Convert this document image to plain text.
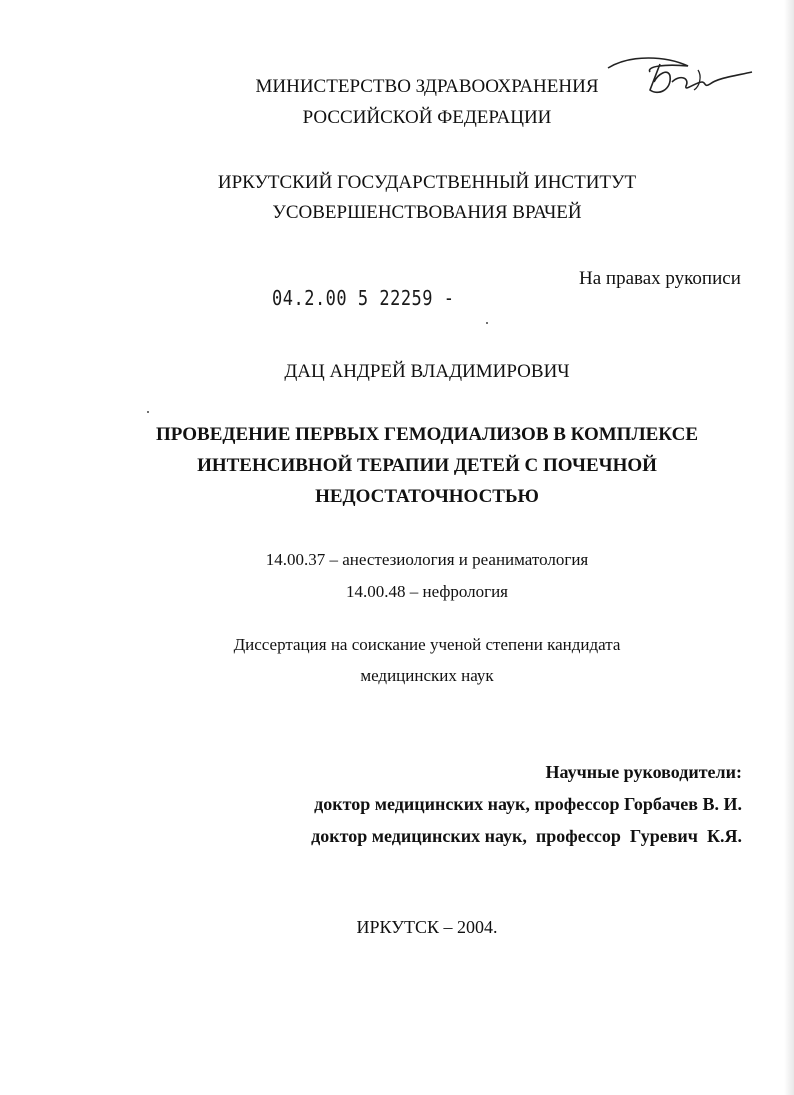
МИНИСТЕРСТВО ЗДРАВООХРАНЕНИЯ
РОССИЙСКОЙ ФЕДЕРАЦИИ
ИРКУТСКИЙ ГОСУДАРСТВЕННЫЙ ИНСТИТУТ
УСОВЕРШЕНСТВОВАНИЯ ВРАЧЕЙ
На правах рукописи
04.2.00 5 22259 -
ДАЦ АНДРЕЙ ВЛАДИМИРОВИЧ
ПРОВЕДЕНИЕ ПЕРВЫХ ГЕМОДИАЛИЗОВ В КОМПЛЕКСЕ
ИНТЕНСИВНОЙ ТЕРАПИИ ДЕТЕЙ С ПОЧЕЧНОЙ
НЕДОСТАТОЧНОСТЬЮ
14.00.37 – анестезиология и реаниматология
14.00.48 – нефрология
Диссертация на соискание ученой степени кандидата
медицинских наук
Научные руководители:
доктор медицинских наук, профессор Горбачев В. И.
доктор медицинских наук,  профессор  Гуревич  К.Я.
ИРКУТСК – 2004.
